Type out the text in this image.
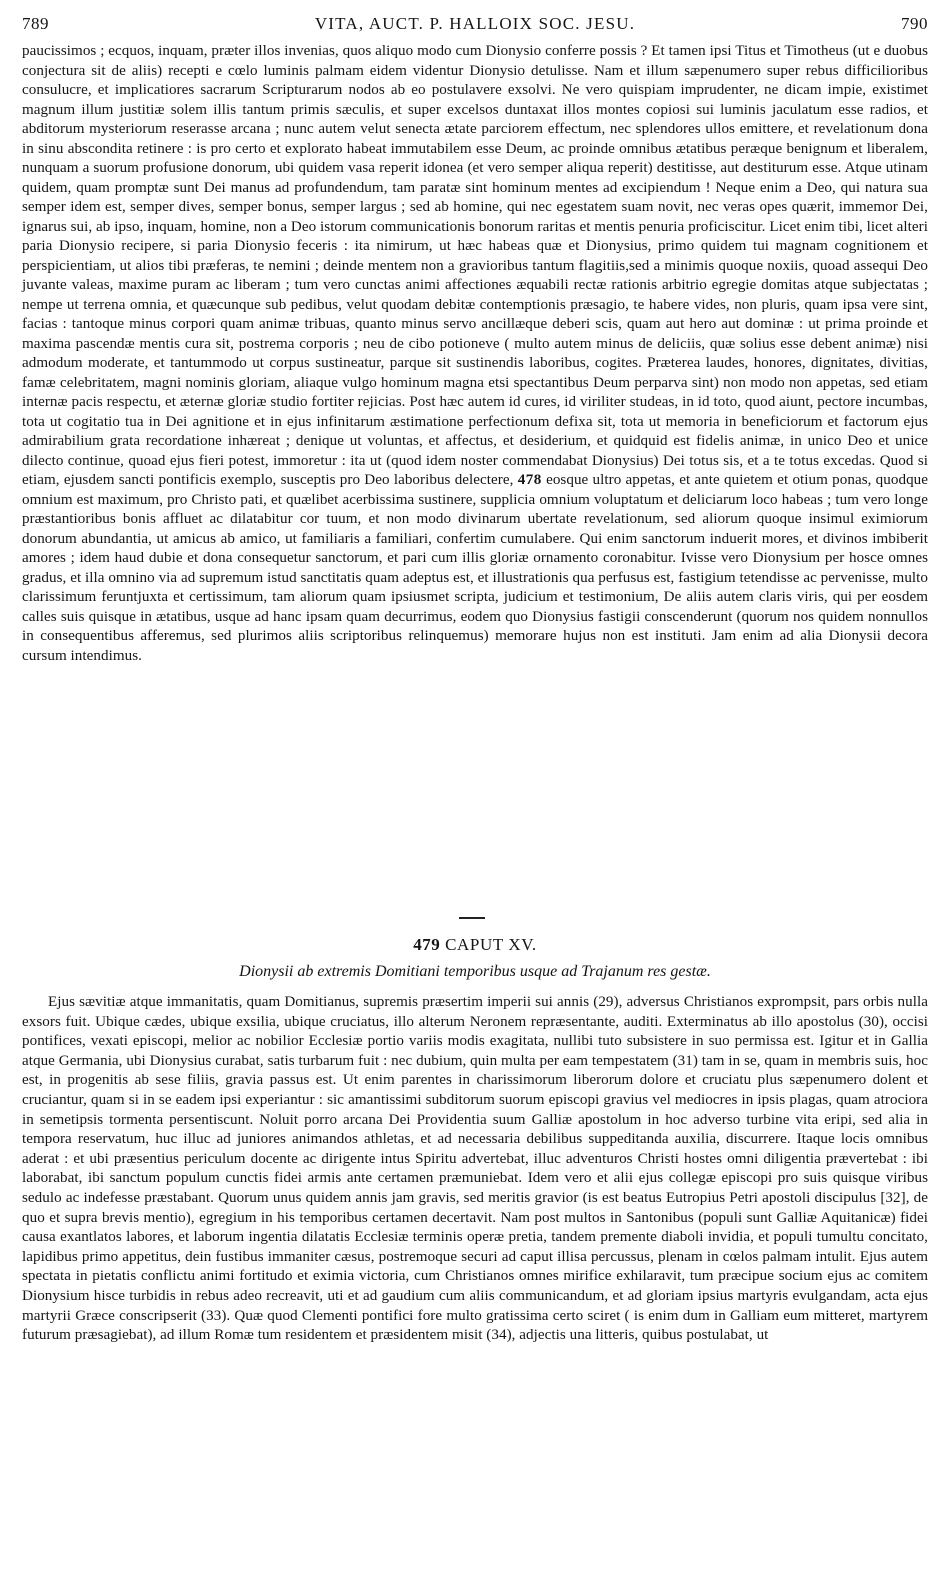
789	VITA, AUCT. P. HALLOIX SOC. JESU.	790

paucissimos ; ecquos, inquam, præter illos invenias, quos aliquo modo cum Dionysio conferre possis ? Et tamen ipsi Titus et Timotheus (ut e duobus conjectura sit de aliis) recepti e cœlo luminis palmam eidem videntur Dionysio detulisse. Nam et illum sæpenumero super rebus difficilioribus consulucre, et implicatiores sacrarum Scripturarum nodos ab eo postulavere exsolvi. Ne vero quispiam imprudenter, ne dicam impie, existimet magnum illum justitiæ solem illis tantum primis sæculis, et super excelsos duntaxat illos montes copiosi sui luminis jaculatum esse radios, et abditorum mysteriorum reserasse arcana ; nunc autem velut senecta ætate parciorem effectum, nec splendores ullos emittere, et revelationum dona in sinu abscondita retinere : is pro certo et explorato habeat immutabilem esse Deum, ac proinde omnibus ætatibus peræque benignum et liberalem, nunquam a suorum profusione donorum, ubi quidem vasa reperit idonea (et vero semper aliqua reperit) destitisse, aut destiturum esse. Atque utinam quidem, quam promptæ sunt Dei manus ad profundendum, tam paratæ sint hominum mentes ad excipiendum ! Neque enim a Deo, qui natura sua semper idem est, semper dives, semper bonus, semper largus ; sed ab homine, qui nec egestatem suam novit, nec veras opes quærit, immemor Dei, ignarus sui, ab ipso, inquam, homine, non a Deo istorum communicationis bonorum raritas et mentis penuria proficiscitur. Licet enim tibi, licet alteri paria Dionysio recipere, si paria Dionysio feceris : ita nimirum, ut hæc habeas quæ et Dionysius, primo quidem tui magnam cognitionem et perspicientiam, ut alios tibi præferas, te nemini ; deinde mentem non a gravioribus tantum flagitiis,sed a minimis quoque noxiis, quoad assequi Deo juvante valeas, maxime puram ac liberam ; tum vero cunctas animi affectiones æquabili rectæ rationis arbitrio egregie domitas atque subjectatas ; nempe ut terrena omnia, et quæcunque sub pedibus, velut quodam debitæ contemptionis præsagio, te habere vides, non pluris, quam ipsa vere sint, facias : tantoque minus corpori quam animæ tribuas, quanto minus servo ancillæque deberi scis, quam aut hero aut dominæ : ut prima proinde et maxima pascendæ mentis cura sit, postrema corporis ; neu de cibo potioneve ( multo autem minus de deliciis, quæ solius esse debent animæ) nisi admodum moderate, et tantummodo ut corpus sustineatur, parque sit sustinendis laboribus, cogites. Præterea laudes, honores, dignitates, divitias, famæ celebritatem, magni nominis gloriam, aliaque vulgo hominum magna etsi spectantibus Deum perparva sint) non modo non appetas, sed etiam internæ pacis respectu, et æternæ gloriæ studio fortiter rejicias. Post hæc autem id cures, id viriliter studeas, in id toto, quod aiunt, pectore incumbas, tota ut cogitatio tua in Dei agnitione et in ejus infinitarum æstimatione perfectionum defixa sit, tota ut memoria in beneficiorum et factorum ejus admirabilium grata recordatione inhæreat ; denique ut voluntas, et affectus, et desiderium, et quidquid est fidelis animæ, in unico Deo et unice dilecto continue, quoad ejus fieri potest, immoretur : ita ut (quod idem noster commendabat Dionysius) Dei totus sis, et a te totus excedas. Quod si etiam, ejusdem sancti pontificis exemplo, susceptis pro Deo laboribus delectere, 478 eosque ultro appetas, et ante quietem et otium ponas, quodque omnium est maximum, pro Christo pati, et quælibet acerbissima sustinere, supplicia omnium voluptatum et deliciarum loco habeas ; tum vero longe præstantioribus bonis affluet ac dilatabitur cor tuum, et non modo divinarum ubertate revelationum, sed aliorum quoque insimul eximiorum donorum abundantia, ut amicus ab amico, ut familiaris a familiari, confertim cumulabere. Qui enim sanctorum induerit mores, et divinos imbiberit amores ; idem haud dubie et dona consequetur sanctorum, et pari cum illis gloriæ ornamento coronabitur. Ivisse vero Dionysium per hosce omnes gradus, et illa omnino via ad supremum istud sanctitatis quam adeptus est, et illustrationis qua perfusus est, fastigium tetendisse ac pervenisse, multo clarissimum feruntjuxta et certissimum, tam aliorum quam ipsiusmet scripta, judicium et testimonium, De aliis autem claris viris, qui per eosdem calles suis quisque in ætatibus, usque ad hanc ipsam quam decurrimus, eodem quo Dionysius fastigii conscenderunt (quorum nos quidem nonnullos in consequentibus afferemus, sed plurimos aliis scriptoribus relinquemus) memorare hujus non est instituti. Jam enim ad alia Dionysii decora cursum intendimus.

479 CAPUT XV.
Dionysii ab extremis Domitiani temporibus usque ad Trajanum res gestæ.

Ejus sævitiæ atque immanitatis, quam Domitianus, supremis præsertim imperii sui annis (29), adversus Christianos exprompsit, pars orbis nulla exsors fuit. Ubique cædes, ubique exsilia, ubique cruciatus, illo alterum Neronem repræsentante, auditi. Exterminatus ab illo apostolus (30), occisi pontifices, vexati episcopi, melior ac nobilior Ecclesiæ portio variis modis exagitata, nullibi tuto subsistere in suo permissa est. Igitur et in Gallia atque Germania, ubi Dionysius curabat, satis turbarum fuit : nec dubium, quin multa per eam tempestatem (31) tam in se, quam in membris suis, hoc est, in progenitis ab sese filiis, gravia passus est. Ut enim parentes in charissimorum liberorum dolore et cruciatu plus sæpenumero dolent et cruciantur, quam si in se eadem ipsi experiantur : sic amantissimi subditorum suorum episcopi gravius vel mediocres in ipsis plagas, quam atrociora in semetipsis tormenta persentiscunt. Noluit porro arcana Dei Providentia suum Galliæ apostolum in hoc adverso turbine vita eripi, sed alia in tempora reservatum, huc illuc ad juniores animandos athletas, et ad necessaria debilibus suppeditanda auxilia, discurrere. Itaque locis omnibus aderat : et ubi præsentius periculum docente ac dirigente intus Spiritu advertebat, illuc adventuros Christi hostes omni diligentia prævertebat : ibi laborabat, ibi sanctum populum cunctis fidei armis ante certamen præmuniebat. Idem vero et alii ejus collegæ episcopi pro suis quisque viribus sedulo ac indefesse præstabant. Quorum unus quidem annis jam gravis, sed meritis gravior (is est beatus Eutropius Petri apostoli discipulus [32], de quo et supra brevis mentio), egregium in his temporibus certamen decertavit. Nam post multos in Santonibus (populi sunt Galliæ Aquitanicæ) fidei causa exantlatos labores, et laborum ingentia dilatatis Ecclesiæ terminis operæ pretia, tandem premente diaboli invidia, et populi tumultu concitato, lapidibus primo appetitus, dein fustibus immaniter cæsus, postremoque securi ad caput illisa percussus, plenam in cœlos palmam intulit. Ejus autem spectata in pietatis conflictu animi fortitudo et eximia victoria, cum Christianos omnes mirifice exhilaravit, tum præcipue socium ejus ac comitem Dionysium hisce turbidis in rebus adeo recreavit, uti et ad gaudium cum aliis communicandum, et ad gloriam ipsius martyris evulgandam, acta ejus martyrii Græce conscripserit (33). Quæ quod Clementi pontifici fore multo gratissima certo sciret ( is enim dum in Galliam eum mitteret, martyrem futurum præsagiebat), ad illum Romæ tum residentem et præsidentem misit (34), adjectis una litteris, quibus postulabat, ut
